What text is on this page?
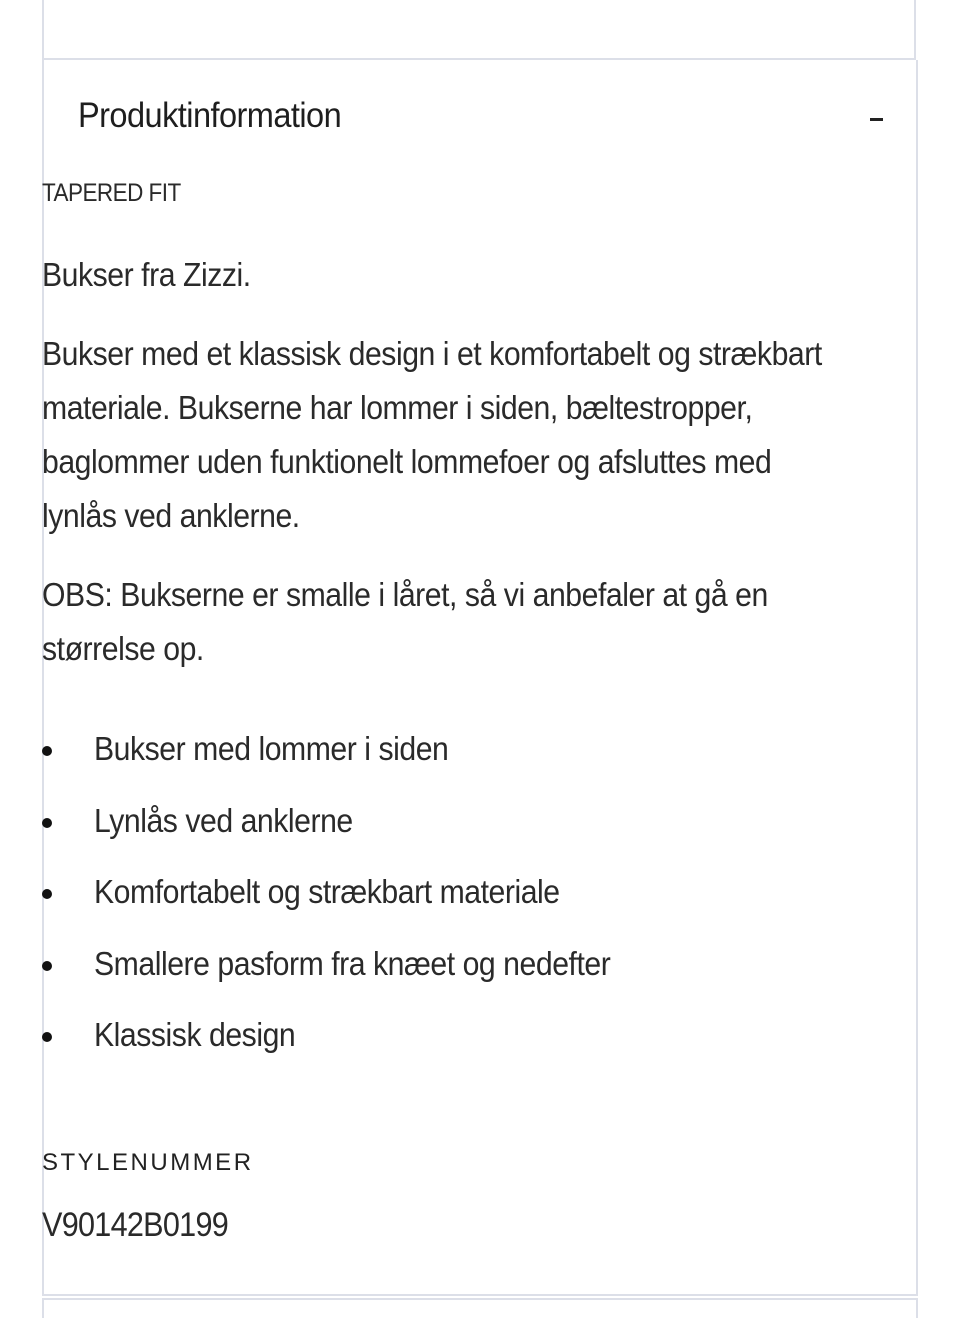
Produktinformation
TAPERED FIT
Bukser fra Zizzi.
Bukser med et klassisk design i et komfortabelt og strækbart materiale. Bukserne har lommer i siden, bæltestropper, baglommer uden funktionelt lommefoer og afsluttes med lynlås ved anklerne.
OBS: Bukserne er smalle i låret, så vi anbefaler at gå en størrelse op.
Bukser med lommer i siden
Lynlås ved anklerne
Komfortabelt og strækbart materiale
Smallere pasform fra knæet og nedefter
Klassisk design
STYLENUMMER
V90142B0199
